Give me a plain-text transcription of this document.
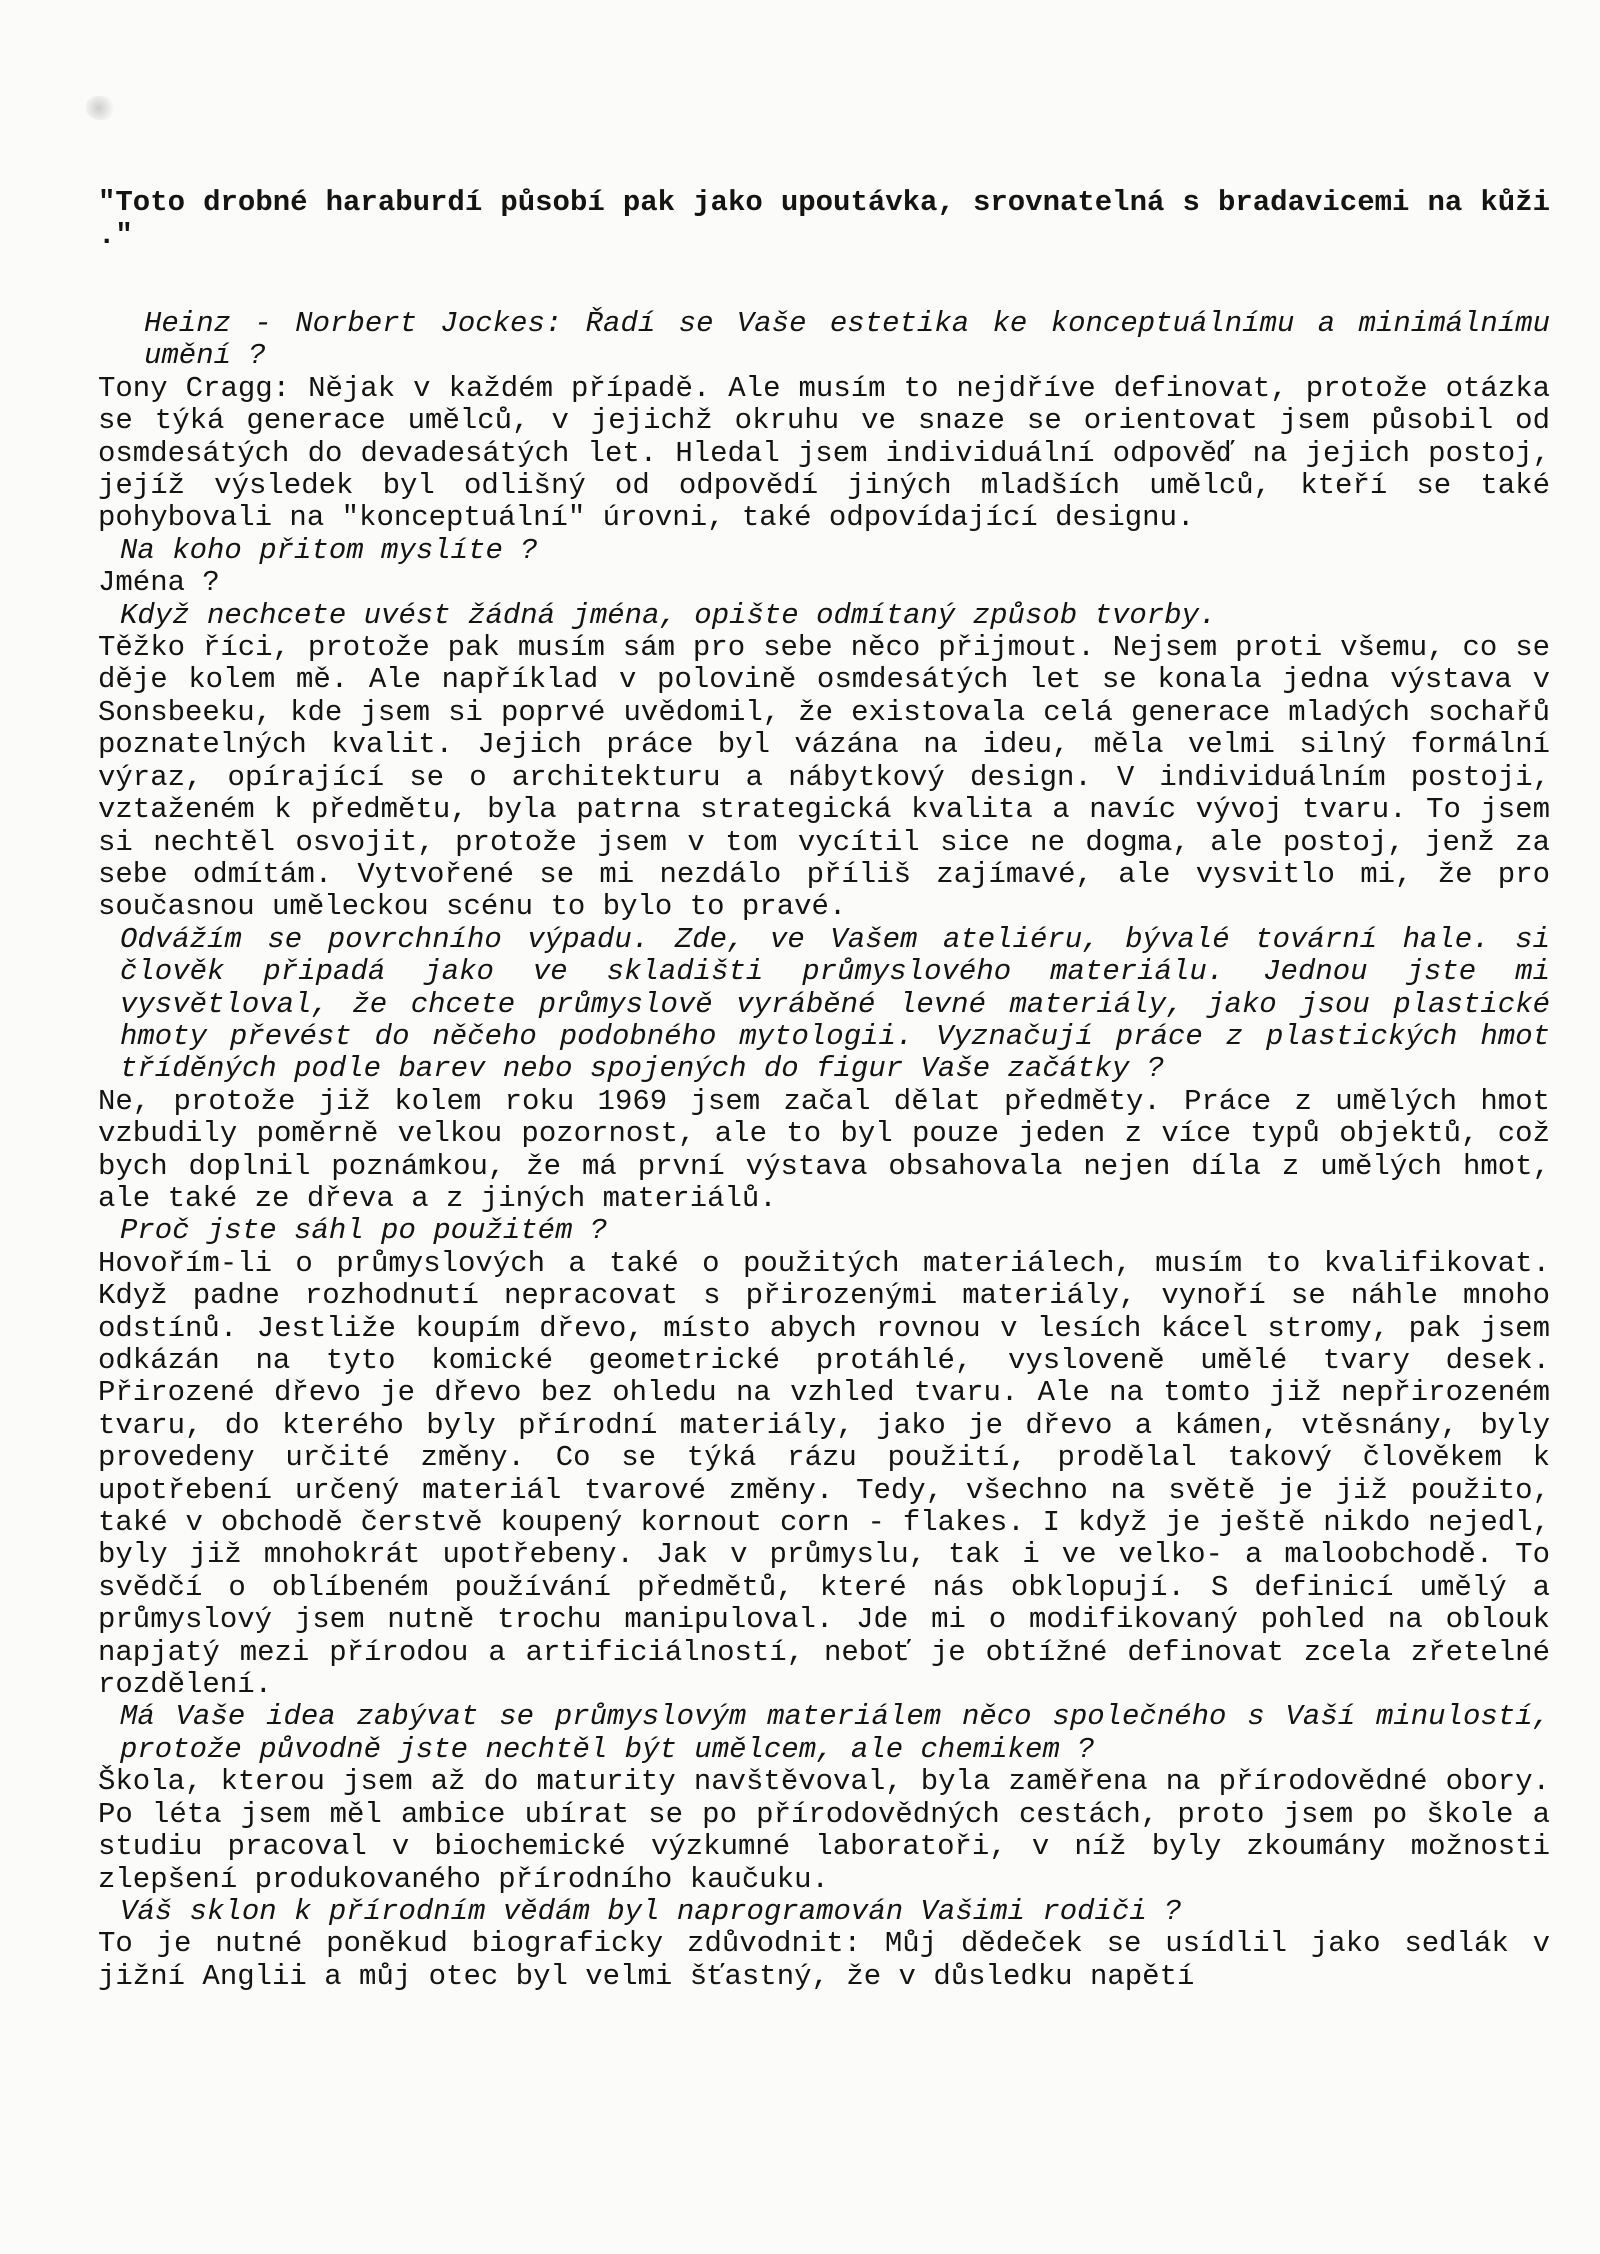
"Toto drobné haraburdí působí pak jako upoutávka, srovnatelná s bradavicemi na kůži ."

Heinz - Norbert Jockes: Řadí se Vaše estetika ke konceptuálnímu a minimálnímu umění ?

Tony Cragg: Nějak v každém případě. Ale musím to nejdříve definovat, protože otázka se týká generace umělců, v jejichž okruhu ve snaze se orientovat jsem působil od osmdesátých do devadesátých let. Hledal jsem individuální odpověď na jejich postoj, jejíž výsledek byl odlišný od odpovědí jiných mladších umělců, kteří se také pohybovali na "konceptuální" úrovni, také odpovídající designu.

Na koho přitom myslíte ?

Jména ?

Když nechcete uvést žádná jména, opište odmítaný způsob tvorby.

Těžko říci, protože pak musím sám pro sebe něco přijmout. Nejsem proti všemu, co se děje kolem mě. Ale například v polovině osmdesátých let se konala jedna výstava v Sonsbeeku, kde jsem si poprvé uvědomil, že existovala celá generace mladých sochařů poznatelných kvalit. Jejich práce byl vázána na ideu, měla velmi silný formální výraz, opírající se o architekturu a nábytkový design. V individuálním postoji, vztaženém k předmětu, byla patrna strategická kvalita a navíc vývoj tvaru. To jsem si nechtěl osvojit, protože jsem v tom vycítil sice ne dogma, ale postoj, jenž za sebe odmítám. Vytvořené se mi nezdálo příliš zajímavé, ale vysvitlo mi, že pro současnou uměleckou scénu to bylo to pravé.

Odvážím se povrchního výpadu. Zde, ve Vašem ateliéru, bývalé tovární hale. si člověk připadá jako ve skladišti průmyslového materiálu. Jednou jste mi vysvětloval, že chcete průmyslově vyráběné levné materiály, jako jsou plastické hmoty převést do něčeho podobného mytologii. Vyznačují práce z plastických hmot tříděných podle barev nebo spojených do figur Vaše začátky ?

Ne, protože již kolem roku 1969 jsem začal dělat předměty. Práce z umělých hmot vzbudily poměrně velkou pozornost, ale to byl pouze jeden z více typů objektů, což bych doplnil poznámkou, že má první výstava obsahovala nejen díla z umělých hmot, ale také ze dřeva a z jiných materiálů.

Proč jste sáhl po použitém ?

Hovořím-li o průmyslových a také o použitých materiálech, musím to kvalifikovat. Když padne rozhodnutí nepracovat s přirozenými materiály, vynoří se náhle mnoho odstínů. Jestliže koupím dřevo, místo abych rovnou v lesích kácel stromy, pak jsem odkázán na tyto komické geometrické protáhlé, vysloveně umělé tvary desek. Přirozené dřevo je dřevo bez ohledu na vzhled tvaru. Ale na tomto již nepřirozeném tvaru, do kterého byly přírodní materiály, jako je dřevo a kámen, vtěsnány, byly provedeny určité změny. Co se týká rázu použití, prodělal takový člověkem k upotřebení určený materiál tvarové změny. Tedy, všechno na světě je již použito, také v obchodě čerstvě koupený kornout corn - flakes. I když je ještě nikdo nejedl, byly již mnohokrát upotřebeny. Jak v průmyslu, tak i ve velko- a maloobchodě. To svědčí o oblíbeném používání předmětů, které nás obklopují. S definicí umělý a průmyslový jsem nutně trochu manipuloval. Jde mi o modifikovaný pohled na oblouk napjatý mezi přírodou a artificiálností, neboť je obtížné definovat zcela zřetelné rozdělení.

Má Vaše idea zabývat se průmyslovým materiálem něco společného s Vaší minulostí, protože původně jste nechtěl být umělcem, ale chemikem ?

Škola, kterou jsem až do maturity navštěvoval, byla zaměřena na přírodovědné obory. Po léta jsem měl ambice ubírat se po přírodovědných cestách, proto jsem po škole a studiu pracoval v biochemické výzkumné laboratoři, v níž byly zkoumány možnosti zlepšení produkovaného přírodního kaučuku.

Váš sklon k přírodním vědám byl naprogramován Vašimi rodiči ?

To je nutné poněkud biograficky zdůvodnit: Můj dědeček se usídlil jako sedlák v jižní Anglii a můj otec byl velmi šťastný, že v důsledku napětí
